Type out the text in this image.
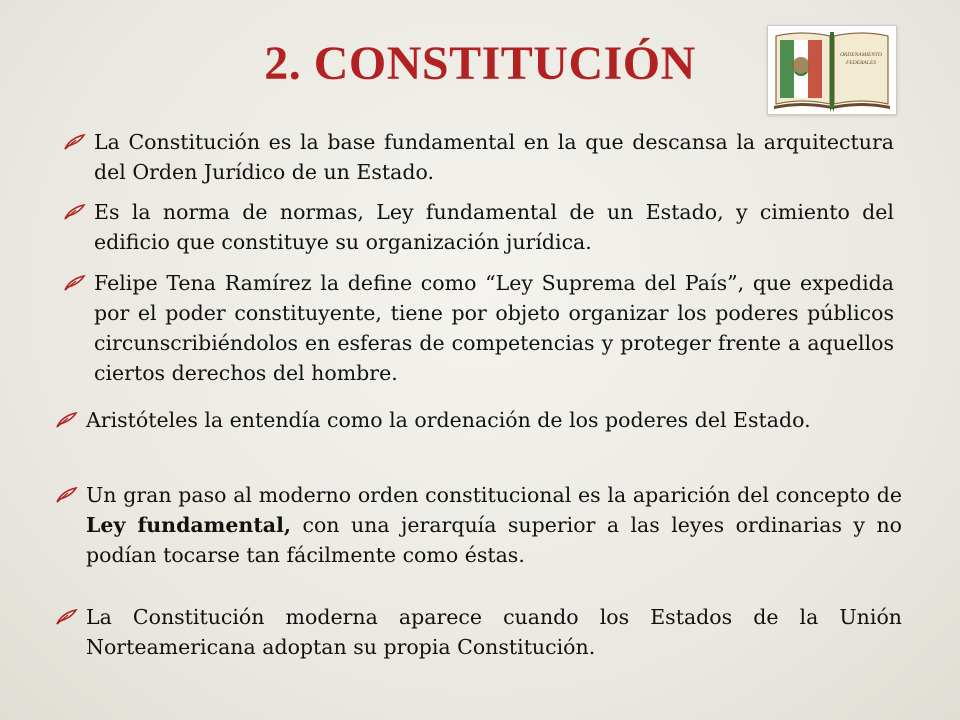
2. CONSTITUCIÓN	ORDENAMIENTO
FEDERALES
La Constitución es la base fundamental en la que descansa la arquitectura del Orden Jurídico de un Estado.
Es la norma de normas, Ley fundamental de un Estado, y cimiento del edificio que constituye su organización jurídica.
Felipe Tena Ramírez la define como “Ley Suprema del País”, que expedida por el poder constituyente, tiene por objeto organizar los poderes públicos circunscribiéndolos en esferas de competencias y proteger frente a aquellos ciertos derechos del hombre.
Aristóteles la entendía como la ordenación de los poderes del Estado.
Un gran paso al moderno orden constitucional es la aparición del concepto de Ley fundamental, con una jerarquía superior a las leyes ordinarias y no podían tocarse tan fácilmente como éstas.
La Constitución moderna aparece cuando los Estados de la Unión Norteamericana adoptan su propia Constitución.
